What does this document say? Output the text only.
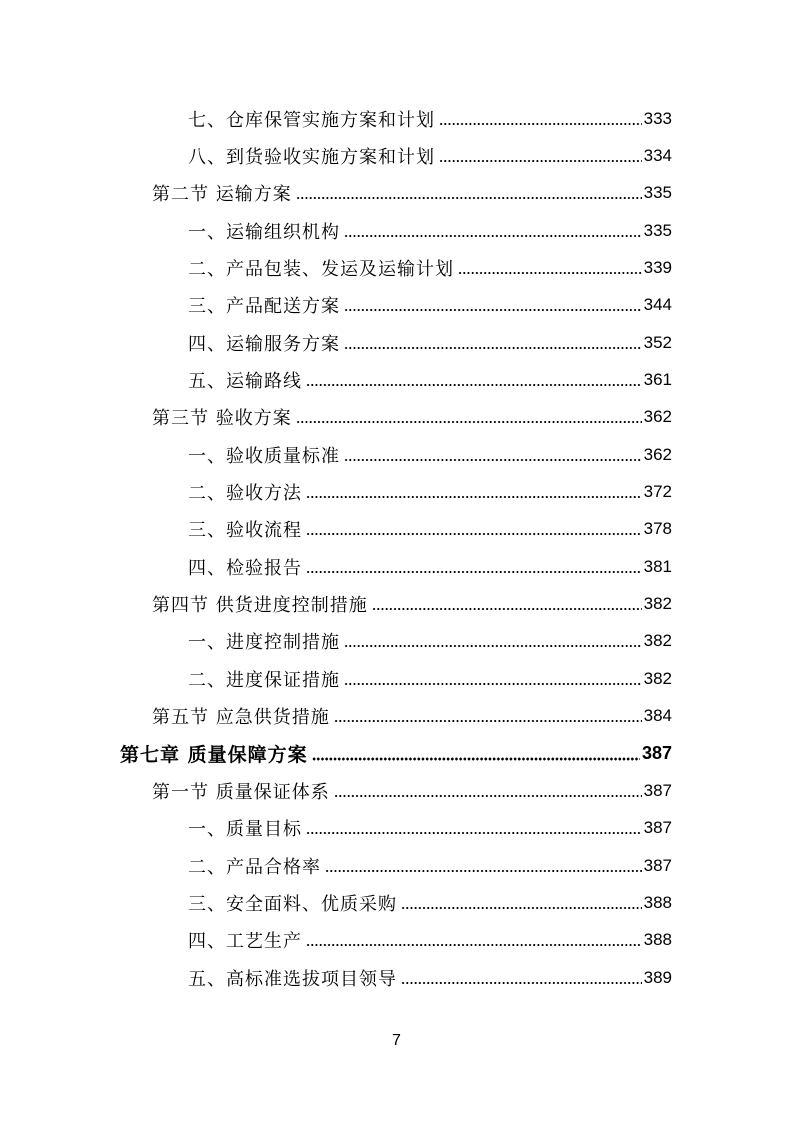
七、仓库保管实施方案和计划	333
八、到货验收实施方案和计划	334
第二节 运输方案	335
一、运输组织机构	335
二、产品包装、发运及运输计划	339
三、产品配送方案	344
四、运输服务方案	352
五、运输路线	361
第三节 验收方案	362
一、验收质量标准	362
二、验收方法	372
三、验收流程	378
四、检验报告	381
第四节 供货进度控制措施	382
一、进度控制措施	382
二、进度保证措施	382
第五节 应急供货措施	384
第七章 质量保障方案	387
第一节 质量保证体系	387
一、质量目标	387
二、产品合格率	387
三、安全面料、优质采购	388
四、工艺生产	388
五、高标准选拔项目领导	389
7
